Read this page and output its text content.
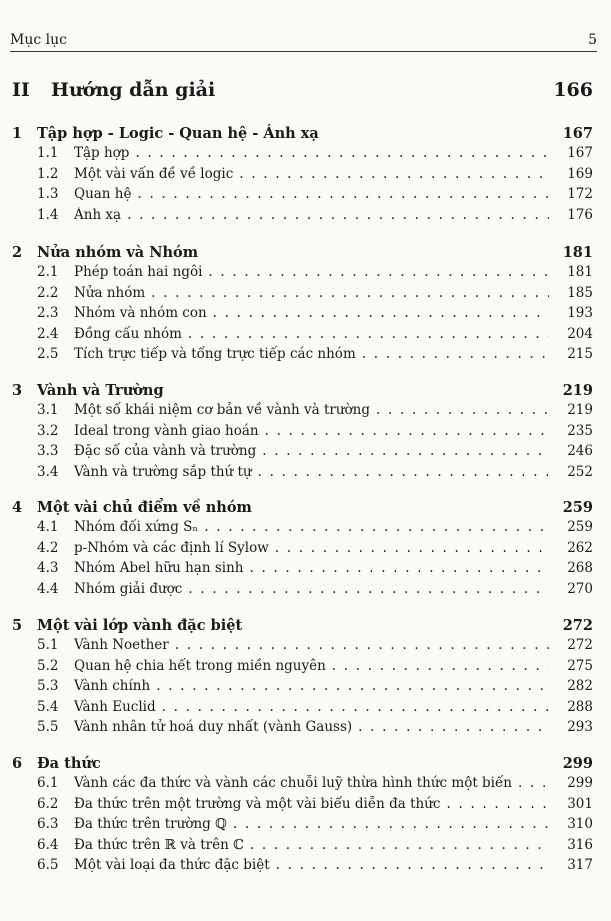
Mục lục	5
II Hướng dẫn giải	166
1 Tập hợp - Logic - Quan hệ - Ánh xạ	167
1.1 Tập hợp . . .	167
1.2 Một vài vấn đề về logic . . .	169
1.3 Quan hệ . . .	172
1.4 Ánh xạ . . .	176
2 Nửa nhóm và Nhóm	181
2.1 Phép toán hai ngôi . . .	181
2.2 Nửa nhóm . . .	185
2.3 Nhóm và nhóm con . . .	193
2.4 Đồng cấu nhóm . . .	204
2.5 Tích trực tiếp và tổng trực tiếp các nhóm . . .	215
3 Vành và Trường	219
3.1 Một số khái niệm cơ bản về vành và trường . . .	219
3.2 Ideal trong vành giao hoán . . .	235
3.3 Đặc số của vành và trường . . .	246
3.4 Vành và trường sắp thứ tự . . .	252
4 Một vài chủ điểm về nhóm	259
4.1 Nhóm đối xứng Sₙ . . .	259
4.2 p-Nhóm và các định lí Sylow . . .	262
4.3 Nhóm Abel hữu hạn sinh . . .	268
4.4 Nhóm giải được . . .	270
5 Một vài lớp vành đặc biệt	272
5.1 Vành Noether . . .	272
5.2 Quan hệ chia hết trong miền nguyên . . .	275
5.3 Vành chính . . .	282
5.4 Vành Euclid . . .	288
5.5 Vành nhân tử hoá duy nhất (vành Gauss) . . .	293
6 Đa thức	299
6.1 Vành các đa thức và vành các chuỗi luỹ thừa hình thức một biến . . .	299
6.2 Đa thức trên một trường và một vài biểu diễn đa thức . . .	301
6.3 Đa thức trên trường ℚ . . .	310
6.4 Đa thức trên ℝ và trên ℂ . . .	316
6.5 Một vài loại đa thức đặc biệt . . .	317
